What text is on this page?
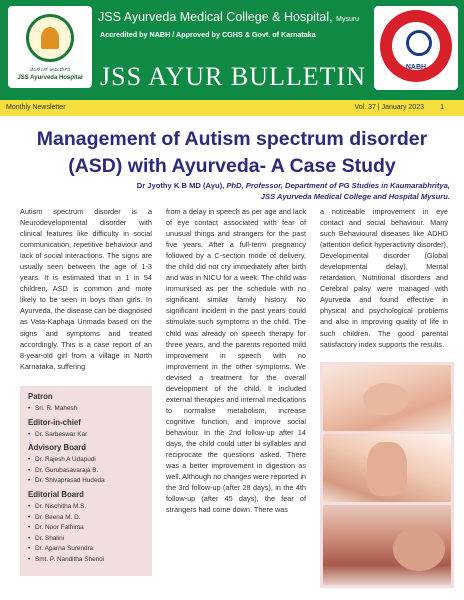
ಜೆಎಸ್‌ಎಸ್ ಆಯುರ್ವೇದ
JSS Ayurveda Hospital
JSS Ayurveda Medical College & Hospital, Mysuru
Accredited by NABH / Approved by CGHS & Govt. of Karnataka
JSS AYUR BULLETIN	NABH
Monthly Newsletter	Vol. 37 | January 2023 1
Management of Autism spectrum disorder (ASD) with Ayurveda- A Case Study
Dr Jyothy K B MD (Ayu), PhD, Professor, Department of PG Studies in Kaumarabhritya,
JSS Ayurveda Medical College and Hospital Mysuru.
Autism spectrum disorder is a Neurodevelopmental disorder with clinical features like difficulty in social communication, repetitive behaviour and lack of social interactions. The signs are usually seen between the age of 1-3 years. It is estimated that in 1 in 54 children, ASD is common and more likely to be seen in boys than girls. In Ayurveda, the disease can be diagnosed as Vata-Kaphaja Unmada based on the signs and symptoms and treated accordingly. This is a case report of an 8-year-old girl from a village in North Karnataka, suffering
from a delay in speech as per age and lack of eye contact associated with fear of unusual things and strangers for the past five years. After a full-term pregnancy followed by a C-section mode of delivery, the child did not cry immediately after birth and was in NICU for a week. The child was immunised as per the schedule with no significant similar family history. No significant incident in the past years could stimulate such symptoms in the child. The child was already on speech therapy for three years, and the parents reported mild improvement in speech with no improvement in the other symptoms. We devised a treatment for the overall development of the child. It included external therapies and internal medications to normalise metabolism, increase cognitive function, and improve social behaviour. In the 2nd follow-up after 14 days, the child could utter bi syllables and reciprocate the questions asked. There was a better improvement in digestion as well. Although no changes were reported in the 3rd follow-up (after 28 days), in the 4th follow-up (after 45 days), the fear of strangers had come down. There was
a noticeable improvement in eye contact and social behaviour. Many such Behavioural diseases like ADHD (attention deficit hyperactivity disorder), Developmental disorder (Global developmental delay), Mental retardation, Nutritional disorders and Cerebral palsy were managed with Ayurveda and found effective in physical and psychological problems and also in improving quality of life in such children. The good parental satisfactory index supports the results.
Patron
• Sri. R. Mahesh
Editor-in-chief
• Dr. Sarbeswar Kar
Advisory Board
• Dr. Rajesh A Udapudi
• Dr. Gurubasavaraja B.
• Dr. Shivaprasad Hudeda
Editorial Board
• Dr. Nischitha M.S.
• Dr. Beena M. D.
• Dr. Noor Fathima
• Dr. Shalini
• Dr. Aparna Surendra
• Smt. P. Nanditha Shenoi
